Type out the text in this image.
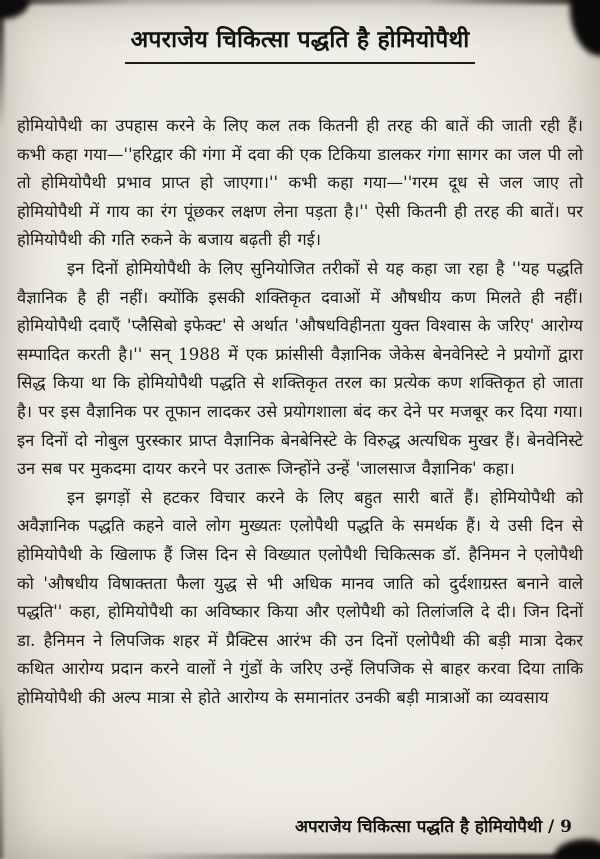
अपराजेय चिकित्सा पद्धति है होमियोपैथी

होमियोपैथी का उपहास करने के लिए कल तक कितनी ही तरह की बातें की जाती रही हैं। कभी कहा गया—''हरिद्वार की गंगा में दवा की एक टिकिया डालकर गंगा सागर का जल पी लो तो होमियोपैथी प्रभाव प्राप्त हो जाएगा।'' कभी कहा गया—''गरम दूध से जल जाए तो होमियोपैथी में गाय का रंग पूंछकर लक्षण लेना पड़ता है।'' ऐसी कितनी ही तरह की बातें। पर होमियोपैथी की गति रुकने के बजाय बढ़ती ही गई।

इन दिनों होमियोपैथी के लिए सुनियोजित तरीकों से यह कहा जा रहा है ''यह पद्धति वैज्ञानिक है ही नहीं। क्योंकि इसकी शक्तिकृत दवाओं में औषधीय कण मिलते ही नहीं। होमियोपैथी दवाएँ 'प्लैसिबो इफेक्ट' से अर्थात 'औषधविहीनता युक्त विश्वास के जरिए' आरोग्य सम्पादित करती है।'' सन् 1988 में एक फ्रांसीसी वैज्ञानिक जेकेस बेनवेनिस्टे ने प्रयोगों द्वारा सिद्ध किया था कि होमियोपैथी पद्धति से शक्तिकृत तरल का प्रत्येक कण शक्तिकृत हो जाता है। पर इस वैज्ञानिक पर तूफान लादकर उसे प्रयोगशाला बंद कर देने पर मजबूर कर दिया गया। इन दिनों दो नोबुल पुरस्कार प्राप्त वैज्ञानिक बेनबेनिस्टे के विरुद्ध अत्यधिक मुखर हैं। बेनवेनिस्टे उन सब पर मुकदमा दायर करने पर उतारू जिन्होंने उन्हें 'जालसाज वैज्ञानिक' कहा।

इन झगड़ों से हटकर विचार करने के लिए बहुत सारी बातें हैं। होमियोपैथी को अवैज्ञानिक पद्धति कहने वाले लोग मुख्यतः एलोपैथी पद्धति के समर्थक हैं। ये उसी दिन से होमियोपैथी के खिलाफ हैं जिस दिन से विख्यात एलोपैथी चिकित्सक डॉ. हैनिमन ने एलोपैथी को 'औषधीय विषाक्तता फैला युद्ध से भी अधिक मानव जाति को दुर्दशाग्रस्त बनाने वाले पद्धति'' कहा, होमियोपैथी का अविष्कार किया और एलोपैथी को तिलांजलि दे दी। जिन दिनों डा. हैनिमन ने लिपजिक शहर में प्रैक्टिस आरंभ की उन दिनों एलोपैथी की बड़ी मात्रा देकर कथित आरोग्य प्रदान करने वालों ने गुंडों के जरिए उन्हें लिपजिक से बाहर करवा दिया ताकि होमियोपैथी की अल्प मात्रा से होते आरोग्य के समानांतर उनकी बड़ी मात्राओं का व्यवसाय

अपराजेय चिकित्सा पद्धति है होमियोपैथी / 9
